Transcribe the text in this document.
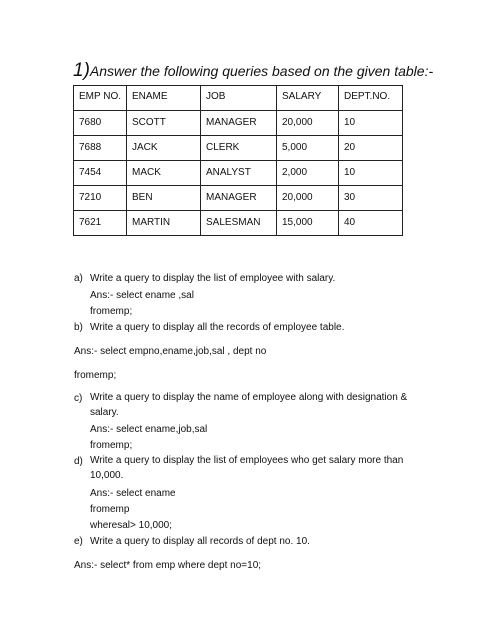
1)Answer the following queries based on the given table:-
EMP NO.	ENAME	JOB	SALARY	DEPT.NO.
7680	SCOTT	MANAGER	20,000	10
7688	JACK	CLERK	5,000	20
7454	MACK	ANALYST	2,000	10
7210	BEN	MANAGER	20,000	30
7621	MARTIN	SALESMAN	15,000	40
a) Write a query to display the list of employee with salary.
Ans:- select ename ,sal
fromemp;
b) Write a query to display all the records of employee table.
Ans:- select empno,ename,job,sal , dept no
fromemp;
c) Write a query to display the name of employee along with designation & salary.
Ans:- select ename,job,sal
fromemp;
d) Write a query to display the list of employees who get salary more than 10,000.
Ans:- select ename
fromemp
wheresal> 10,000;
e) Write a query to display all records of dept no. 10.
Ans:- select* from emp where dept no=10;
